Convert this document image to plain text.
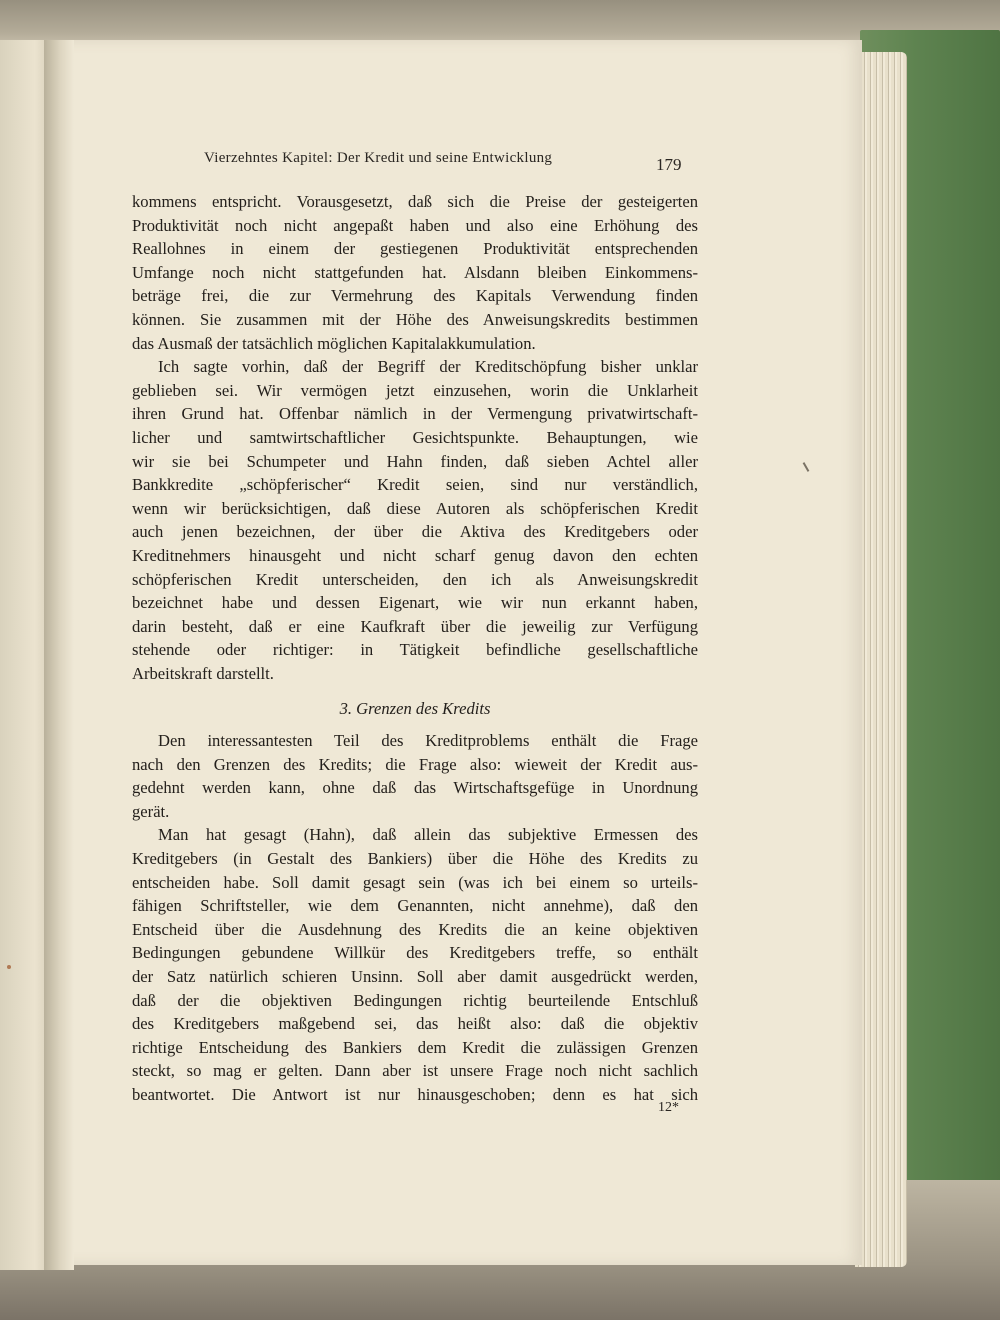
Vierzehntes Kapitel: Der Kredit und seine Entwicklung	179
kommens entspricht. Vorausgesetzt, daß sich die Preise der gesteigerten
Produktivität noch nicht angepaßt haben und also eine Erhöhung des
Reallohnes in einem der gestiegenen Produktivität entsprechenden
Umfange noch nicht stattgefunden hat. Alsdann bleiben Einkommens-
beträge frei, die zur Vermehrung des Kapitals Verwendung finden
können. Sie zusammen mit der Höhe des Anweisungskredits bestimmen
das Ausmaß der tatsächlich möglichen Kapitalakkumulation.
Ich sagte vorhin, daß der Begriff der Kreditschöpfung bisher unklar
geblieben sei. Wir vermögen jetzt einzusehen, worin die Unklarheit
ihren Grund hat. Offenbar nämlich in der Vermengung privatwirtschaft-
licher und samtwirtschaftlicher Gesichtspunkte. Behauptungen, wie
wir sie bei Schumpeter und Hahn finden, daß sieben Achtel aller
Bankkredite „schöpferischer“ Kredit seien, sind nur verständlich,
wenn wir berücksichtigen, daß diese Autoren als schöpferischen Kredit
auch jenen bezeichnen, der über die Aktiva des Kreditgebers oder
Kreditnehmers hinausgeht und nicht scharf genug davon den echten
schöpferischen Kredit unterscheiden, den ich als Anweisungskredit
bezeichnet habe und dessen Eigenart, wie wir nun erkannt haben,
darin besteht, daß er eine Kaufkraft über die jeweilig zur Verfügung
stehende oder richtiger: in Tätigkeit befindliche gesellschaftliche
Arbeitskraft darstellt.
3. Grenzen des Kredits
Den interessantesten Teil des Kreditproblems enthält die Frage
nach den Grenzen des Kredits; die Frage also: wieweit der Kredit aus-
gedehnt werden kann, ohne daß das Wirtschaftsgefüge in Unordnung
gerät.
Man hat gesagt (Hahn), daß allein das subjektive Ermessen des
Kreditgebers (in Gestalt des Bankiers) über die Höhe des Kredits zu
entscheiden habe. Soll damit gesagt sein (was ich bei einem so urteils-
fähigen Schriftsteller, wie dem Genannten, nicht annehme), daß den
Entscheid über die Ausdehnung des Kredits die an keine objektiven
Bedingungen gebundene Willkür des Kreditgebers treffe, so enthält
der Satz natürlich schieren Unsinn. Soll aber damit ausgedrückt werden,
daß der die objektiven Bedingungen richtig beurteilende Entschluß
des Kreditgebers maßgebend sei, das heißt also: daß die objektiv
richtige Entscheidung des Bankiers dem Kredit die zulässigen Grenzen
steckt, so mag er gelten. Dann aber ist unsere Frage noch nicht sachlich
beantwortet. Die Antwort ist nur hinausgeschoben; denn es hat sich
12*
